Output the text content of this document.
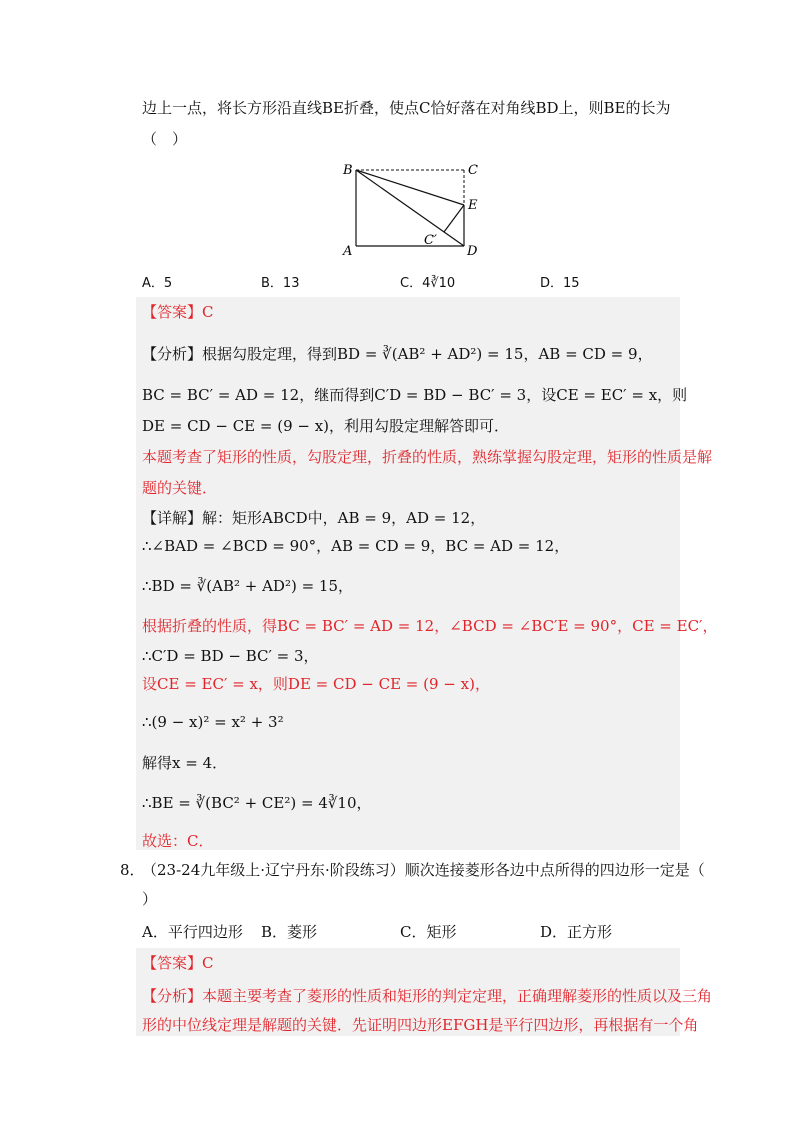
边上一点，将长方形沿直线BE折叠，使点C恰好落在对角线BD上，则BE的长为
（　）
B	C
E
C′
A	D
A．5	B．13	C．4∛10	D．15
【答案】C
【分析】根据勾股定理，得到BD = ∛(AB² + AD²) = 15，AB = CD = 9，
BC = BC′ = AD = 12，继而得到C′D = BD − BC′ = 3，设CE = EC′ = x，则
DE = CD − CE = (9 − x)，利用勾股定理解答即可．
本题考查了矩形的性质，勾股定理，折叠的性质，熟练掌握勾股定理，矩形的性质是解
题的关键．
【详解】解：矩形ABCD中，AB = 9，AD = 12，
∴∠BAD = ∠BCD = 90°，AB = CD = 9，BC = AD = 12，
∴BD = ∛(AB² + AD²) = 15，
根据折叠的性质，得BC = BC′ = AD = 12，∠BCD = ∠BC′E = 90°，CE = EC′，
∴C′D = BD − BC′ = 3，
设CE = EC′ = x，则DE = CD − CE = (9 − x)，
∴(9 − x)² = x² + 3²
解得x = 4．
∴BE = ∛(BC² + CE²) = 4∛10，
故选：C．
8．
（23-24九年级上·辽宁丹东·阶段练习）顺次连接菱形各边中点所得的四边形一定是（
）
A．平行四边形 B．菱形	C．矩形	D．正方形
【答案】C
【分析】本题主要考查了菱形的性质和矩形的判定定理，正确理解菱形的性质以及三角
形的中位线定理是解题的关键．先证明四边形EFGH是平行四边形，再根据有一个角
